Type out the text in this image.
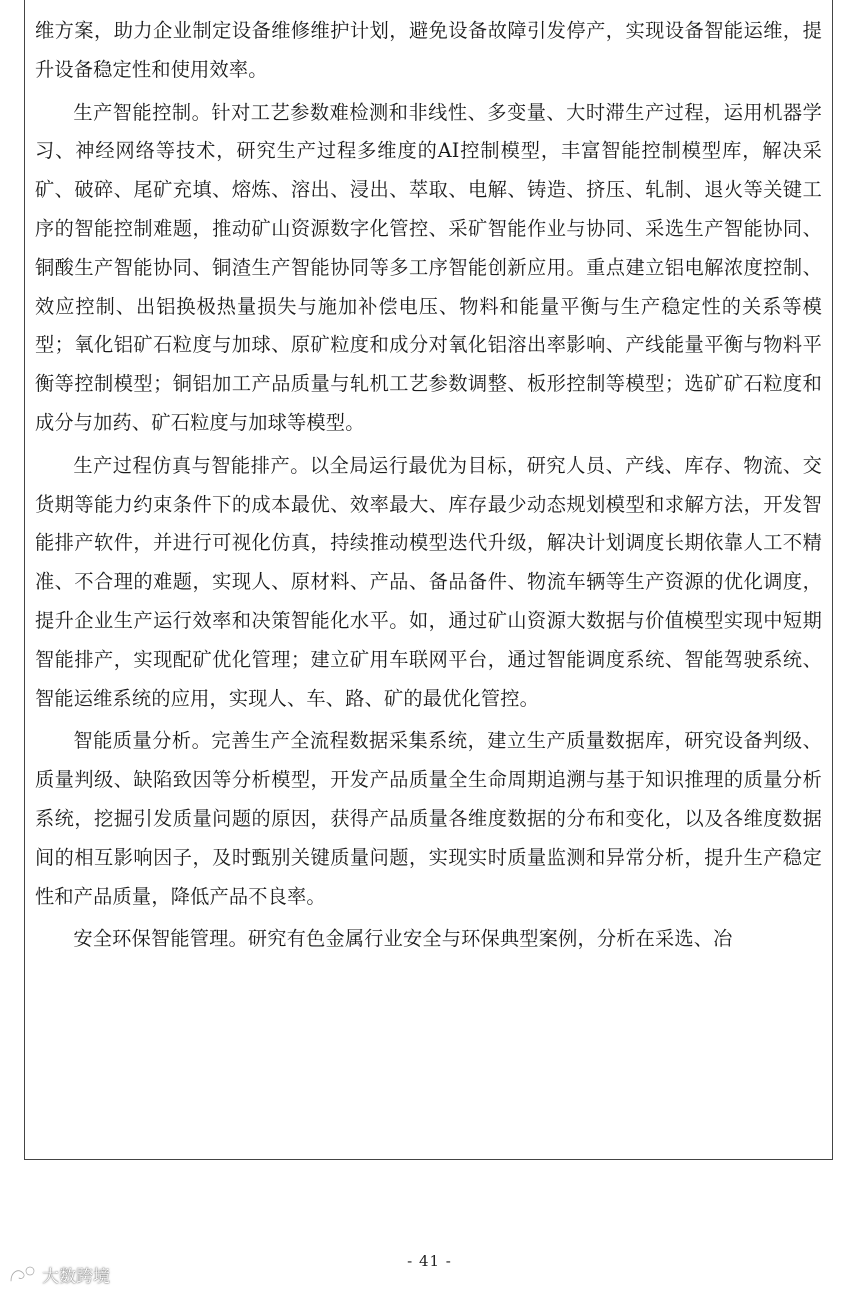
维方案，助力企业制定设备维修维护计划，避免设备故障引发停产，实现设备智能运维，提升设备稳定性和使用效率。

生产智能控制。针对工艺参数难检测和非线性、多变量、大时滞生产过程，运用机器学习、神经网络等技术，研究生产过程多维度的AI控制模型，丰富智能控制模型库，解决采矿、破碎、尾矿充填、熔炼、溶出、浸出、萃取、电解、铸造、挤压、轧制、退火等关键工序的智能控制难题，推动矿山资源数字化管控、采矿智能作业与协同、采选生产智能协同、铜酸生产智能协同、铜渣生产智能协同等多工序智能创新应用。重点建立铝电解浓度控制、效应控制、出铝换极热量损失与施加补偿电压、物料和能量平衡与生产稳定性的关系等模型；氧化铝矿石粒度与加球、原矿粒度和成分对氧化铝溶出率影响、产线能量平衡与物料平衡等控制模型；铜铝加工产品质量与轧机工艺参数调整、板形控制等模型；选矿矿石粒度和成分与加药、矿石粒度与加球等模型。

生产过程仿真与智能排产。以全局运行最优为目标，研究人员、产线、库存、物流、交货期等能力约束条件下的成本最优、效率最大、库存最少动态规划模型和求解方法，开发智能排产软件，并进行可视化仿真，持续推动模型迭代升级，解决计划调度长期依靠人工不精准、不合理的难题，实现人、原材料、产品、备品备件、物流车辆等生产资源的优化调度，提升企业生产运行效率和决策智能化水平。如，通过矿山资源大数据与价值模型实现中短期智能排产，实现配矿优化管理；建立矿用车联网平台，通过智能调度系统、智能驾驶系统、智能运维系统的应用，实现人、车、路、矿的最优化管控。

智能质量分析。完善生产全流程数据采集系统，建立生产质量数据库，研究设备判级、质量判级、缺陷致因等分析模型，开发产品质量全生命周期追溯与基于知识推理的质量分析系统，挖掘引发质量问题的原因，获得产品质量各维度数据的分布和变化，以及各维度数据间的相互影响因子，及时甄别关键质量问题，实现实时质量监测和异常分析，提升生产稳定性和产品质量，降低产品不良率。

安全环保智能管理。研究有色金属行业安全与环保典型案例，分析在采选、冶

- 41 -
大数跨境
